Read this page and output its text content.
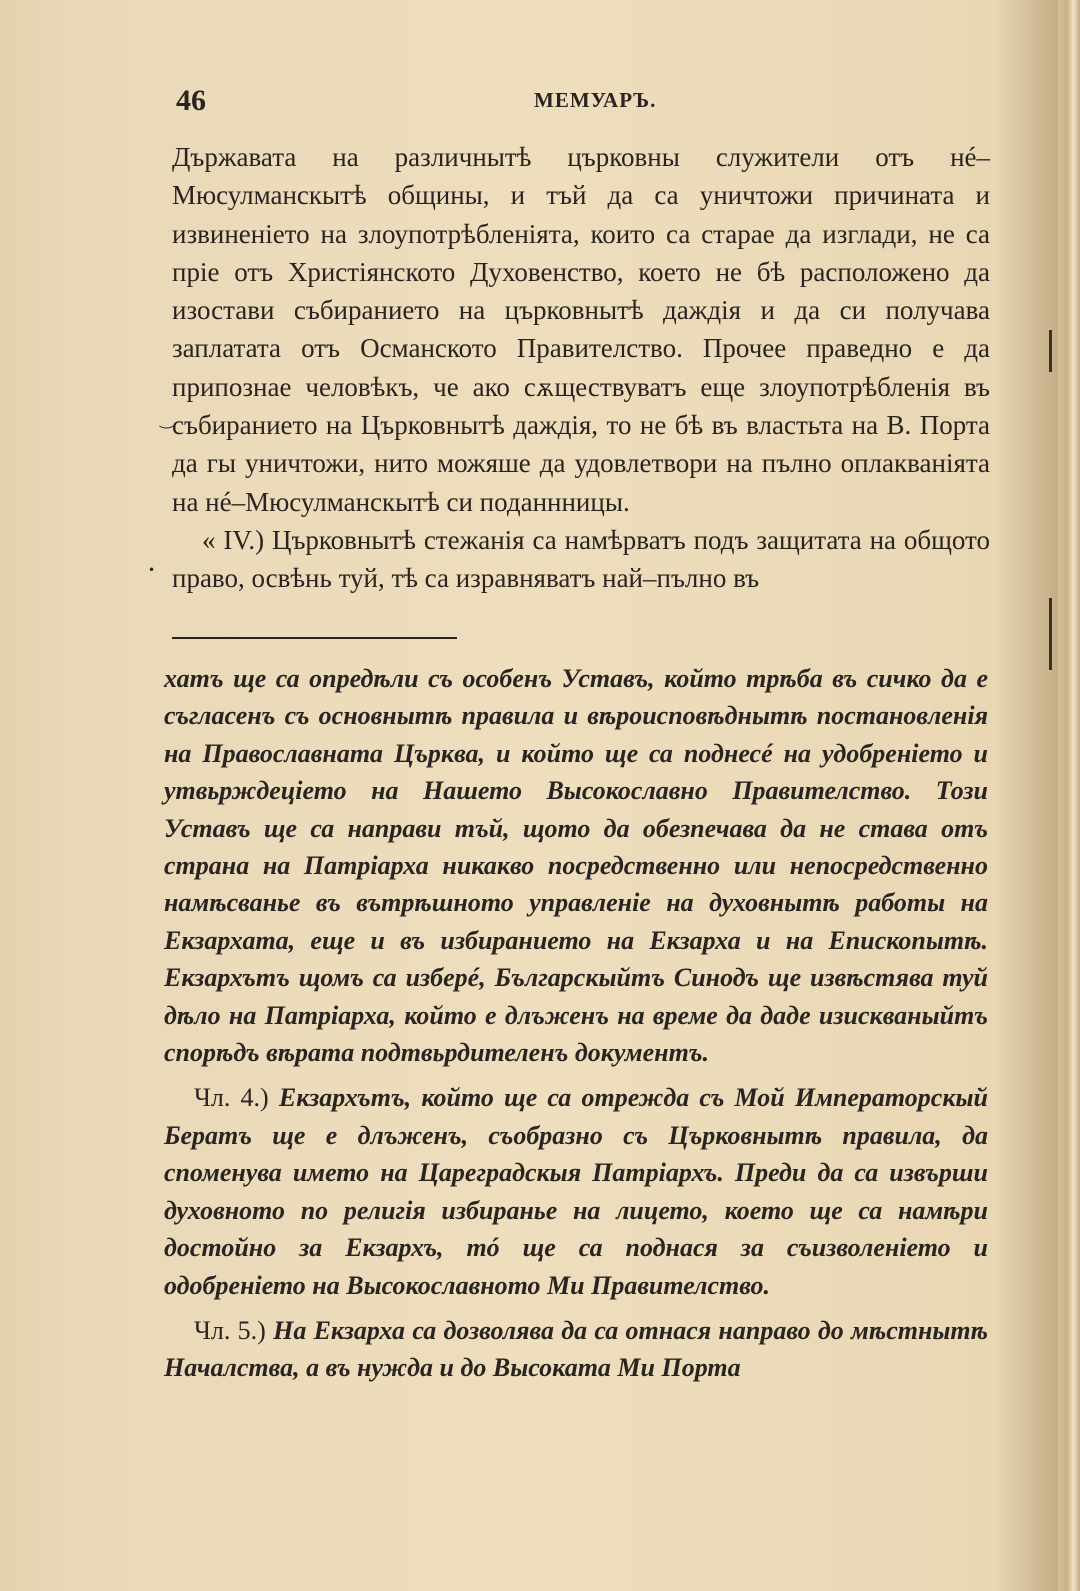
46	МЕМУАРЪ.
‿
•

Държавата на различнытѣ църковны служители отъ нé–Мюсулманскытѣ общины, и тъй да са уничтожи причината и извиненіето на злоупотрѣбленіята, които са старае да изглади, не са пріе отъ Христіянското Духовенство, което не бѣ расположено да изостави събиранието на църковнытѣ даждія и да си получава заплатата отъ Османското Правителство. Прочее праведно е да припознае человѣкъ, че ако сѫществуватъ еще злоупотрѣбленія въ събиранието на Църковнытѣ даждія, то не бѣ въ властьта на В. Порта да гы уничтожи, нито можяше да удовлетвори на пълно оплакваніята на нé–Мюсулманскытѣ си поданнницы.

« IV.) Църковнытѣ стежанія са намѣрватъ подъ защитата на общото право, освѣнь туй, тѣ са изравняватъ най–пълно въ

хатъ ще са опредѣли съ особенъ Уставъ, който трѣба въ сичко да е съгласенъ съ основнытѣ правила и вѣроисповѣднытѣ постановленія на Православната Църква, и който ще са поднесé на удобреніето и утвьрждеціето на Нашето Высокославно Правителство. Този Уставъ ще са направи тъй, щото да обезпечава да не става отъ страна на Патріарха никакво посредственно или непосредственно намѣсванье въ вътрѣшното управленіе на духовнытѣ работы на Екзархата, еще и въ избиранието на Екзарха и на Епископытѣ. Екзархътъ щомъ са изберé, Българскыйтъ Синодъ ще извѣстява туй дѣло на Патріарха, който е длъженъ на време да даде изискваныйтъ спорѣдъ вѣрата подтвьрдителенъ документъ.

Чл. 4.) Екзархътъ, който ще са отрежда съ Мой Императорскый Бератъ ще е длъженъ, съобразно съ Църковнытѣ правила, да споменува името на Цареградскыя Патріархъ. Преди да са извърши духовното по религія избиранье на лицето, което ще са намѣри достойно за Екзархъ, тó ще са поднася за съизволеніето и одобреніето на Высокославното Ми Правителство.

Чл. 5.) На Екзарха са дозволява да са отнася направо до мѣстнытѣ Началства, а въ нужда и до Высоката Ми Порта
